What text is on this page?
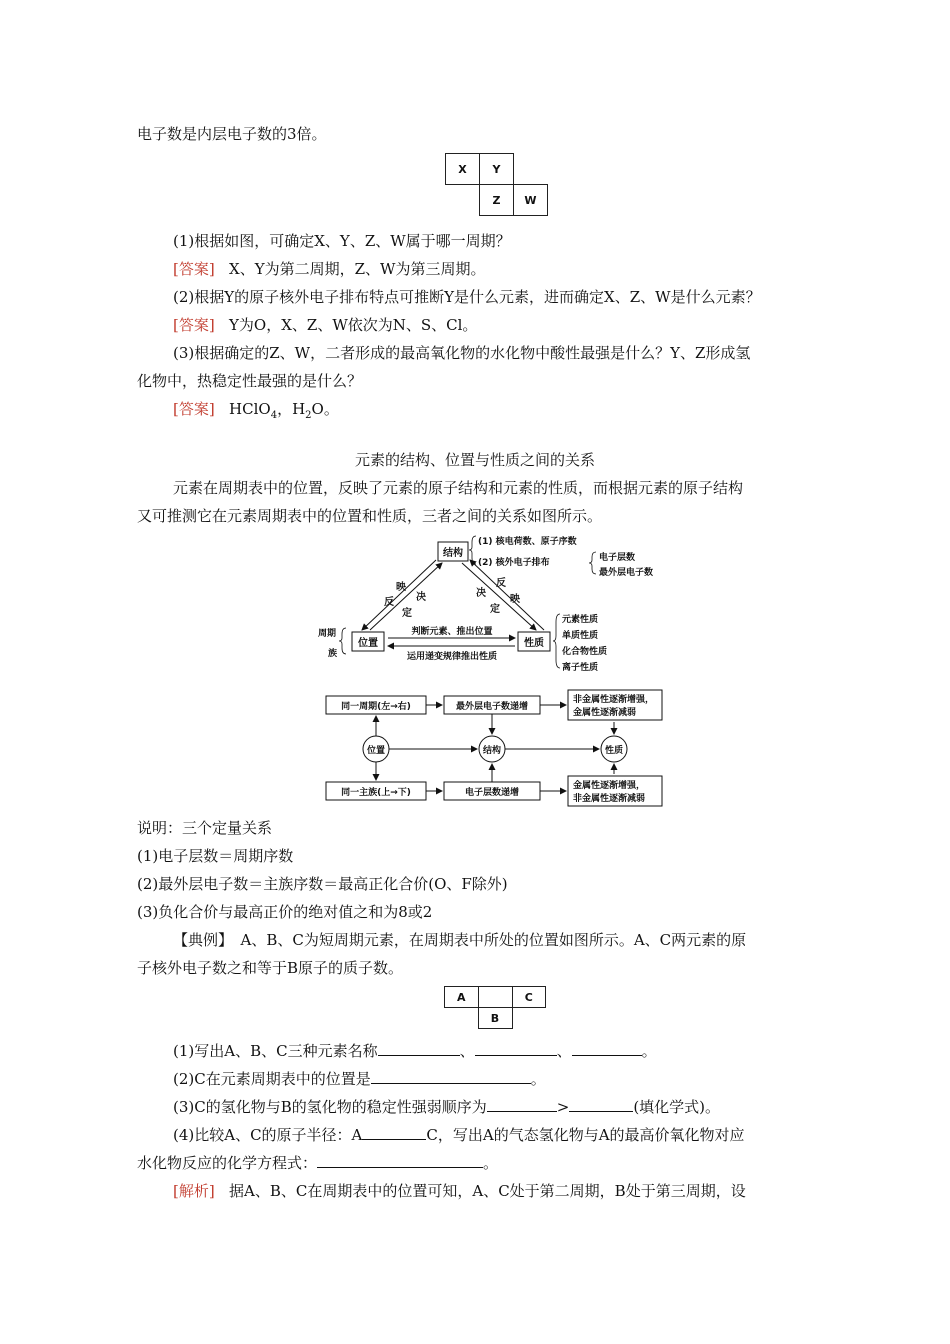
电子数是内层电子数的3倍。
X	Y	
	Z	W
(1)根据如图，可确定X、Y、Z、W属于哪一周期？
[答案] X、Y为第二周期，Z、W为第三周期。
(2)根据Y的原子核外电子排布特点可推断Y是什么元素，进而确定X、Z、W是什么元素？
[答案] Y为O，X、Z、W依次为N、S、Cl。
(3)根据确定的Z、W，二者形成的最高氧化物的水化物中酸性最强是什么？Y、Z形成氢
化物中，热稳定性最强的是什么？
[答案] HClO$_4$，$H_2O$。
元素的结构、位置与性质之间的关系
元素在周期表中的位置，反映了元素的原子结构和元素的性质，而根据元素的原子结构
又可推测它在元素周期表中的位置和性质，三者之间的关系如图所示。
结构
位置	性质
映
反 决
定
反
映
决
定
判断元素、推出位置
运用递变规律推出性质
周期
族
(1) 核电荷数、原子序数
(2) 核外电子排布	电子层数
最外层电子数
元素性质
单质性质
化合物性质
离子性质
同一周期(左→右)	最外层电子数递增
非金属性逐渐增强，
金属性逐渐减弱
位置	结构	性质
同一主族(上→下)	电子层数递增
金属性逐渐增强，
非金属性逐渐减弱
说明：三个定量关系
(1)电子层数＝周期序数
(2)最外层电子数＝主族序数＝最高正化合价(O、F除外)
(3)负化合价与最高正价的绝对值之和为8或2
【典例】　A、B、C为短周期元素，在周期表中所处的位置如图所示。A、C两元素的原
子核外电子数之和等于B原子的质子数。
A		C
	B	
(1)写出A、B、C三种元素名称	、	、	。
(2)C在元素周期表中的位置是	。
(3)C的氢化物与B的氢化物的稳定性强弱顺序为	>	(填化学式)。
(4)比较A、C的原子半径：A	C，写出A的气态氢化物与A的最高价氧化物对应
水化物反应的化学方程式：	。
[解析] 据A、B、C在周期表中的位置可知，A、C处于第二周期，B处于第三周期，设
